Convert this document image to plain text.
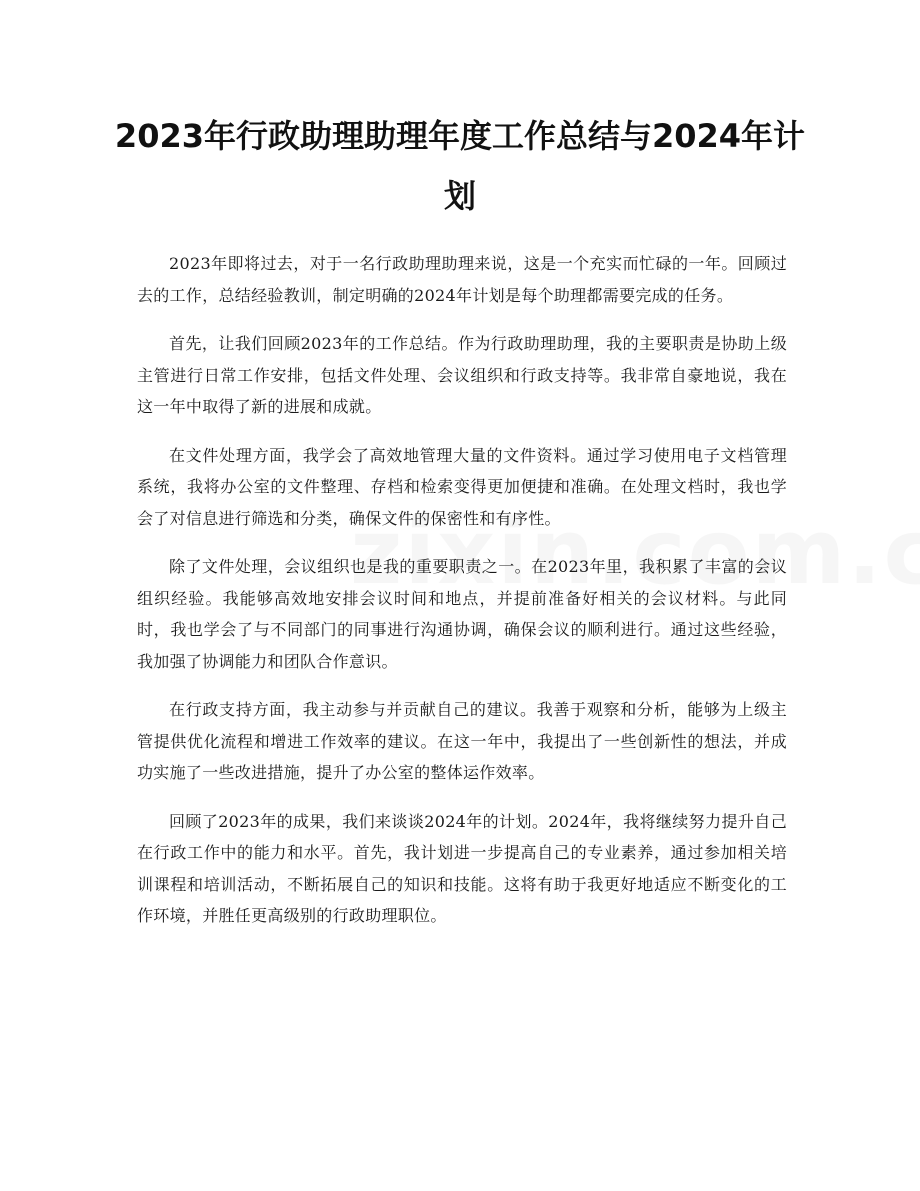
2023年行政助理助理年度工作总结与2024年计划

2023年即将过去，对于一名行政助理助理来说，这是一个充实而忙碌的一年。回顾过去的工作，总结经验教训，制定明确的2024年计划是每个助理都需要完成的任务。

首先，让我们回顾2023年的工作总结。作为行政助理助理，我的主要职责是协助上级主管进行日常工作安排，包括文件处理、会议组织和行政支持等。我非常自豪地说，我在这一年中取得了新的进展和成就。

在文件处理方面，我学会了高效地管理大量的文件资料。通过学习使用电子文档管理系统，我将办公室的文件整理、存档和检索变得更加便捷和准确。在处理文档时，我也学会了对信息进行筛选和分类，确保文件的保密性和有序性。

除了文件处理，会议组织也是我的重要职责之一。在2023年里，我积累了丰富的会议组织经验。我能够高效地安排会议时间和地点，并提前准备好相关的会议材料。与此同时，我也学会了与不同部门的同事进行沟通协调，确保会议的顺利进行。通过这些经验，我加强了协调能力和团队合作意识。

在行政支持方面，我主动参与并贡献自己的建议。我善于观察和分析，能够为上级主管提供优化流程和增进工作效率的建议。在这一年中，我提出了一些创新性的想法，并成功实施了一些改进措施，提升了办公室的整体运作效率。

回顾了2023年的成果，我们来谈谈2024年的计划。2024年，我将继续努力提升自己在行政工作中的能力和水平。首先，我计划进一步提高自己的专业素养，通过参加相关培训课程和培训活动，不断拓展自己的知识和技能。这将有助于我更好地适应不断变化的工作环境，并胜任更高级别的行政助理职位。
